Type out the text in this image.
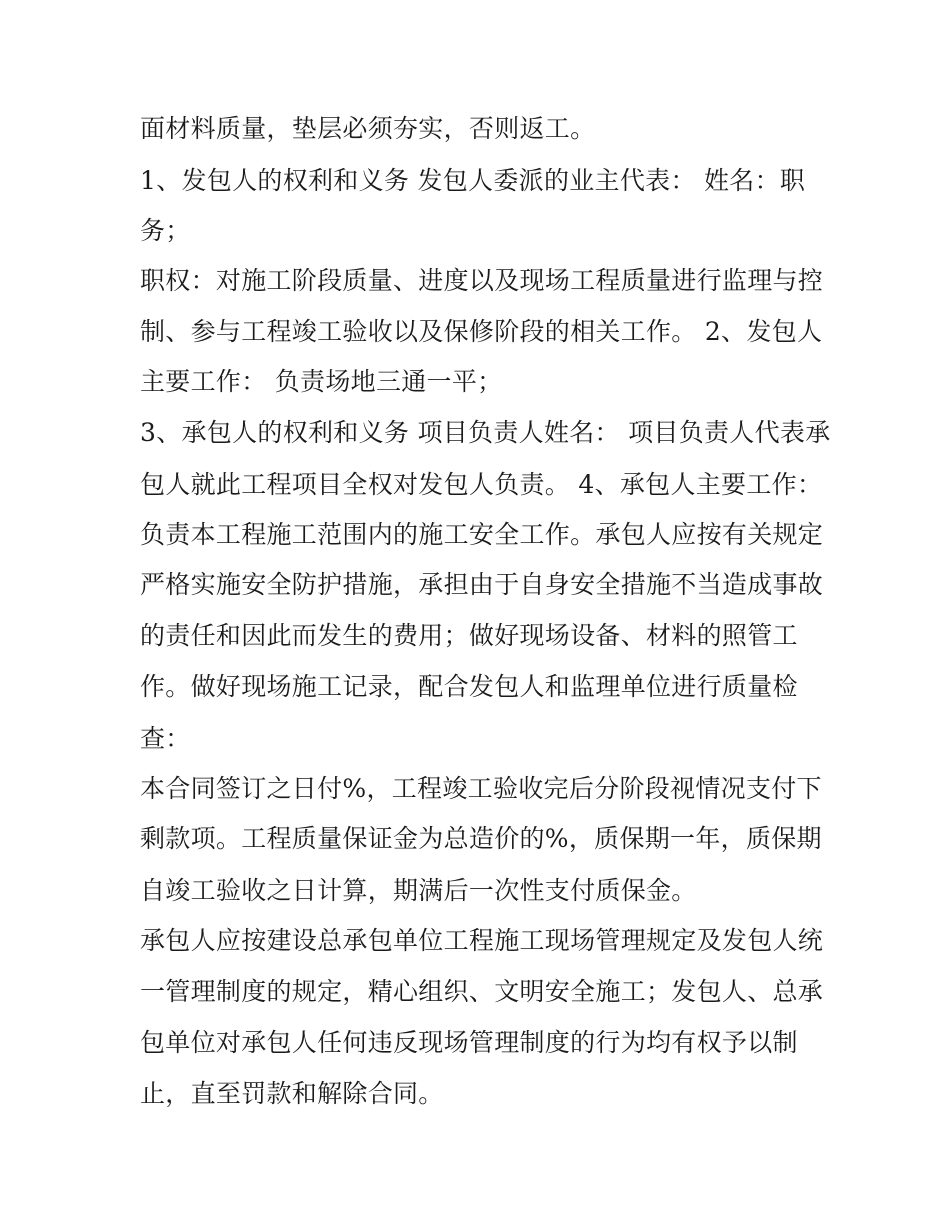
面材料质量，垫层必须夯实，否则返工。

1、发包人的权利和义务 发包人委派的业主代表： 姓名：职

务；

职权：对施工阶段质量、进度以及现场工程质量进行监理与控

制、参与工程竣工验收以及保修阶段的相关工作。 2、发包人

主要工作： 负责场地三通一平；

3、承包人的权利和义务 项目负责人姓名： 项目负责人代表承

包人就此工程项目全权对发包人负责。 4、承包人主要工作：

负责本工程施工范围内的施工安全工作。承包人应按有关规定

严格实施安全防护措施，承担由于自身安全措施不当造成事故

的责任和因此而发生的费用；做好现场设备、材料的照管工

作。做好现场施工记录，配合发包人和监理单位进行质量检

查：

本合同签订之日付%，工程竣工验收完后分阶段视情况支付下

剩款项。工程质量保证金为总造价的%，质保期一年，质保期

自竣工验收之日计算，期满后一次性支付质保金。

承包人应按建设总承包单位工程施工现场管理规定及发包人统

一管理制度的规定，精心组织、文明安全施工；发包人、总承

包单位对承包人任何违反现场管理制度的行为均有权予以制

止，直至罚款和解除合同。
